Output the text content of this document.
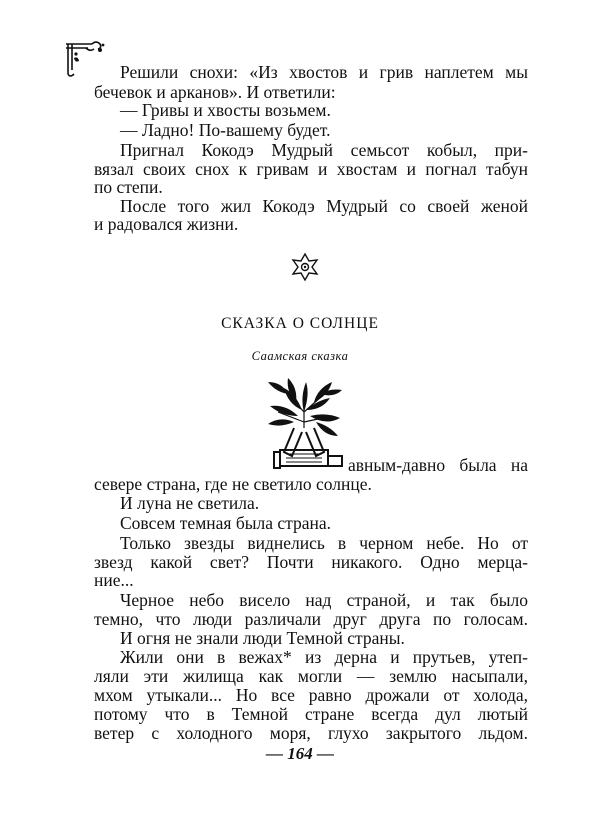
Решили снохи: «Из хвостов и грив наплетем мы
бечевок и арканов». И ответили:
— Гривы и хвосты возьмем.
— Ладно! По-вашему будет.
Пригнал Кокодэ Мудрый семьсот кобыл, при-
вязал своих снох к гривам и хвостам и погнал табун
по степи.
После того жил Кокодэ Мудрый со своей женой
и радовался жизни.
СКАЗКА О СОЛНЦЕ
Саамская сказка
авным-давно была на
севере страна, где не светило солнце.
И луна не светила.
Совсем темная была страна.
Только звезды виднелись в черном небе. Но от
звезд какой свет? Почти никакого. Одно мерца-
ние...
Черное небо висело над страной, и так было
темно, что люди различали друг друга по голосам.
И огня не знали люди Темной страны.
Жили они в вежах* из дерна и прутьев, утеп-
ляли эти жилища как могли — землю насыпали,
мхом утыкали... Но все равно дрожали от холода,
потому что в Темной стране всегда дул лютый
ветер с холодного моря, глухо закрытого льдом.
— 164 —
